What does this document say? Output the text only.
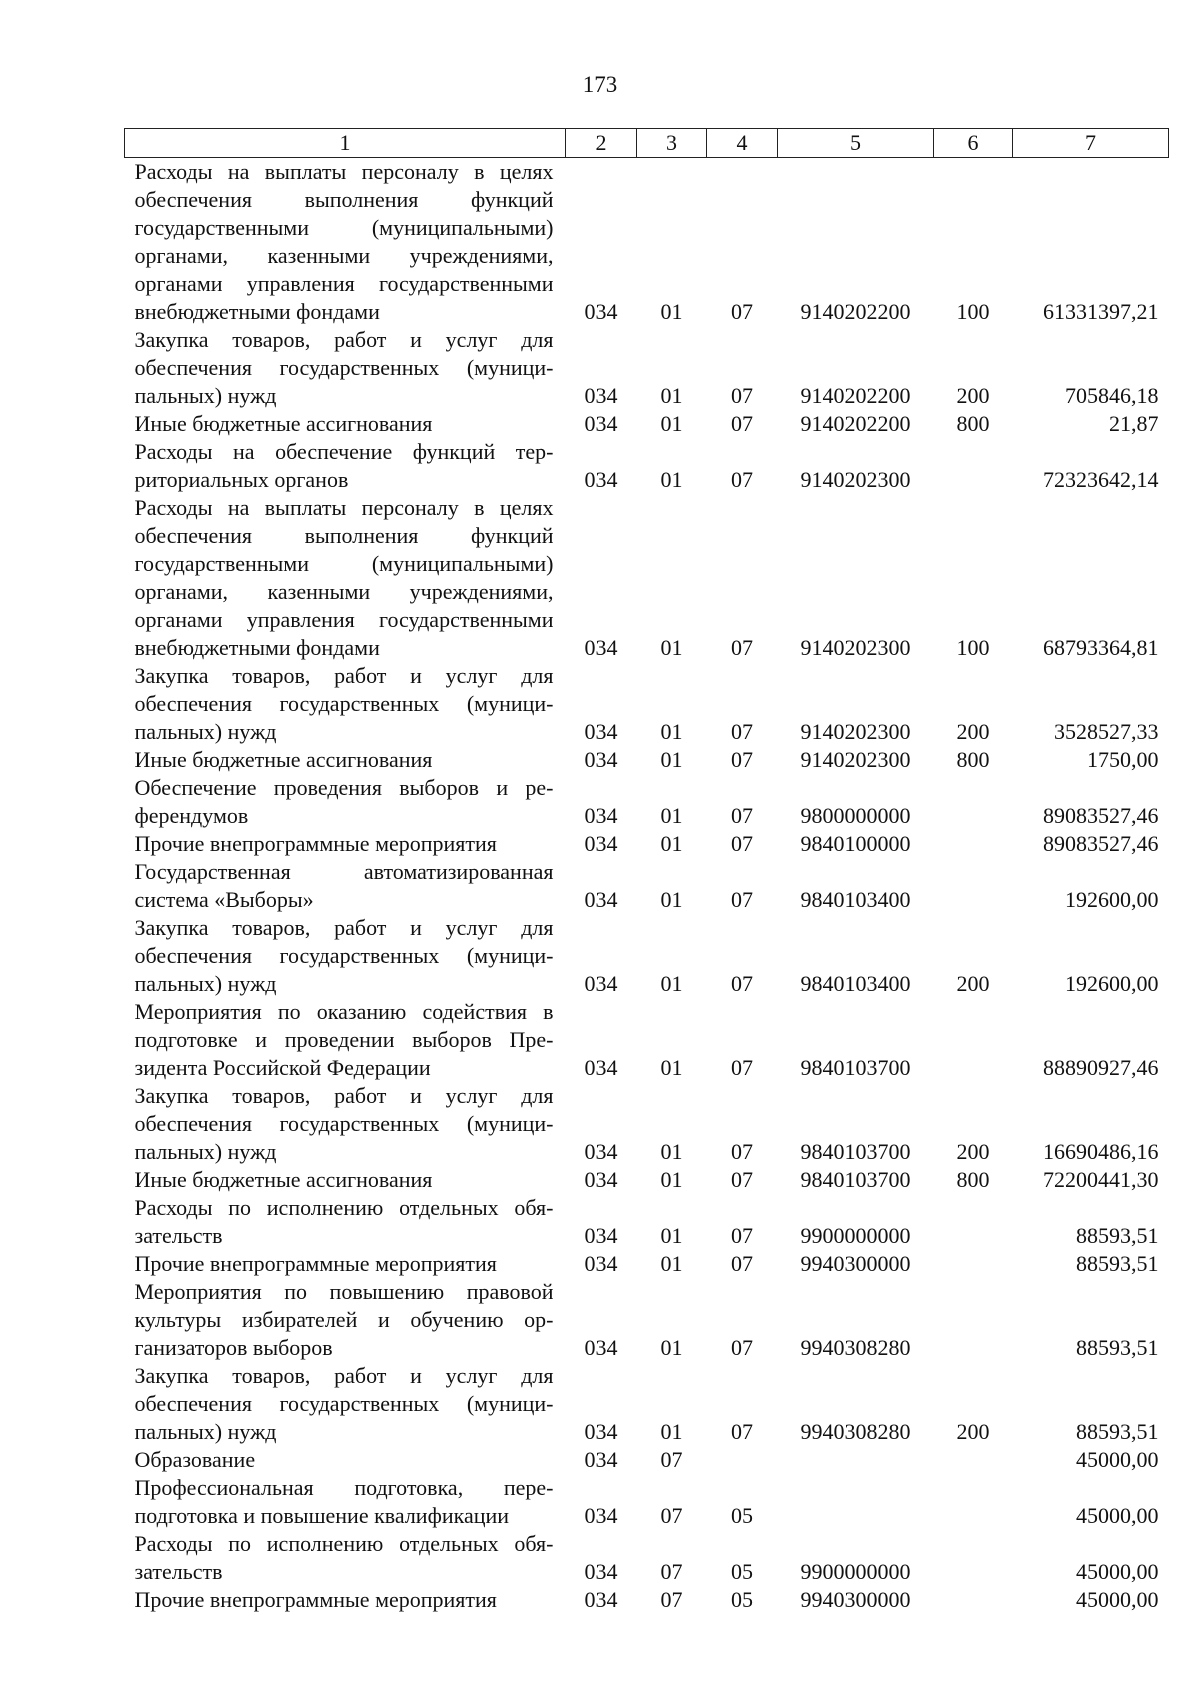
173
1	2	3	4	5	6	7
Расходы на выплаты персоналу в целях обеспечения выполнения функций государственными (муниципальными) органами, казенными учреждениями, органами управления государственными внебюджетными фондами	034	01	07	9140202200	100	61331397,21
Закупка товаров, работ и услуг для обеспечения государственных (муниципальных) нужд	034	01	07	9140202200	200	705846,18
Иные бюджетные ассигнования	034	01	07	9140202200	800	21,87
Расходы на обеспечение функций территориальных органов	034	01	07	9140202300		72323642,14
Расходы на выплаты персоналу в целях обеспечения выполнения функций государственными (муниципальными) органами, казенными учреждениями, органами управления государственными внебюджетными фондами	034	01	07	9140202300	100	68793364,81
Закупка товаров, работ и услуг для обеспечения государственных (муниципальных) нужд	034	01	07	9140202300	200	3528527,33
Иные бюджетные ассигнования	034	01	07	9140202300	800	1750,00
Обеспечение проведения выборов и референдумов	034	01	07	9800000000		89083527,46
Прочие внепрограммные мероприятия	034	01	07	9840100000		89083527,46
Государственная автоматизированная система «Выборы»	034	01	07	9840103400		192600,00
Закупка товаров, работ и услуг для обеспечения государственных (муниципальных) нужд	034	01	07	9840103400	200	192600,00
Мероприятия по оказанию содействия в подготовке и проведении выборов Президента Российской Федерации	034	01	07	9840103700		88890927,46
Закупка товаров, работ и услуг для обеспечения государственных (муниципальных) нужд	034	01	07	9840103700	200	16690486,16
Иные бюджетные ассигнования	034	01	07	9840103700	800	72200441,30
Расходы по исполнению отдельных обязательств	034	01	07	9900000000		88593,51
Прочие внепрограммные мероприятия	034	01	07	9940300000		88593,51
Мероприятия по повышению правовой культуры избирателей и обучению организаторов выборов	034	01	07	9940308280		88593,51
Закупка товаров, работ и услуг для обеспечения государственных (муниципальных) нужд	034	01	07	9940308280	200	88593,51
Образование	034	07				45000,00
Профессиональная подготовка, переподготовка и повышение квалификации	034	07	05			45000,00
Расходы по исполнению отдельных обязательств	034	07	05	9900000000		45000,00
Прочие внепрограммные мероприятия	034	07	05	9940300000		45000,00
